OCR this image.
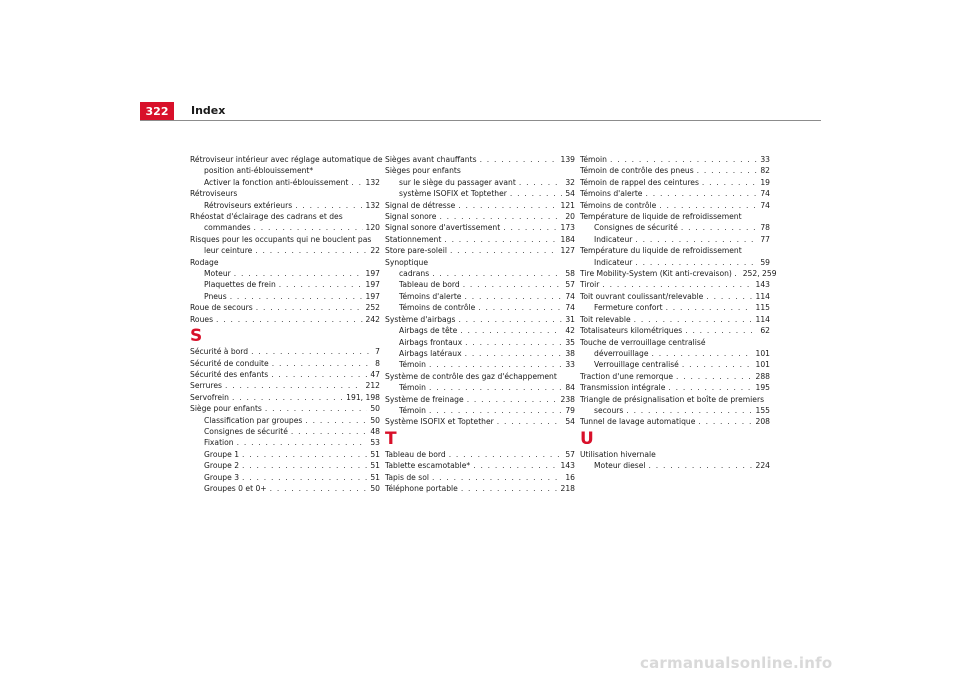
322 Index
Rétroviseur intérieur avec réglage automatique de
position anti-éblouissement*
Activer la fonction anti-éblouissement . . . 132
Rétroviseurs
Rétroviseurs extérieurs . . .	132
Rhéostat d'éclairage des cadrans et des
commandes . . .	120
Risques pour les occupants qui ne bouclent pas
leur ceinture . . .	22
Rodage
Moteur . . .	197
Plaquettes de frein . . .	197
Pneus . . .	197
Roue de secours . . .	252
Roues . . .	242
S
Sécurité à bord . . .	7
Sécurité de conduite . . .	8
Sécurité des enfants . . .	47
Serrures . . .	212
Servofrein . . .	191, 198
Siège pour enfants . . .	50
Classification par groupes . . .	50
Consignes de sécurité . . .	48
Fixation . . .	53
Groupe 1 . . .	51
Groupe 2 . . .	51
Groupe 3 . . .	51
Groupes 0 et 0+ . . .	50
Sièges avant chauffants . . .	139
Sièges pour enfants
sur le siège du passager avant . . .	32
système ISOFIX et Toptether . . .	54
Signal de détresse . . .	121
Signal sonore . . .	20
Signal sonore d'avertissement . . .	173
Stationnement . . .	184
Store pare-soleil . . .	127
Synoptique
cadrans . . .	58
Tableau de bord . . .	57
Témoins d'alerte . . .	74
Témoins de contrôle . . .	74
Système d'airbags . . .	31
Airbags de tête . . .	42
Airbags frontaux . . .	35
Airbags latéraux . . .	38
Témoin . . .	33
Système de contrôle des gaz d'échappement
Témoin . . .	84
Système de freinage . . .	238
Témoin . . .	79
Système ISOFIX et Toptether . . .	54
T
Tableau de bord . . .	57
Tablette escamotable* . . .	143
Tapis de sol . . .	16
Téléphone portable . . .	218
Témoin . . .	33
Témoin de contrôle des pneus . . .	82
Témoin de rappel des ceintures . . .	19
Témoins d'alerte . . .	74
Témoins de contrôle . . .	74
Température de liquide de refroidissement
Consignes de sécurité . . .	78
Indicateur . . .	77
Température du liquide de refroidissement
Indicateur . . .	59
Tire Mobility-System (Kit anti-crevaison) . 252, 259
Tiroir . . .	143
Toit ouvrant coulissant/relevable . . .	114
Fermeture confort . . .	115
Toit relevable . . .	114
Totalisateurs kilométriques . . .	62
Touche de verrouillage centralisé
déverrouillage . . .	101
Verrouillage centralisé . . .	101
Traction d'une remorque . . .	288
Transmission intégrale . . .	195
Triangle de présignalisation et boîte de premiers
secours . . .	155
Tunnel de lavage automatique . . .	208
U
Utilisation hivernale
Moteur diesel . . .	224
carmanualsonline.info
